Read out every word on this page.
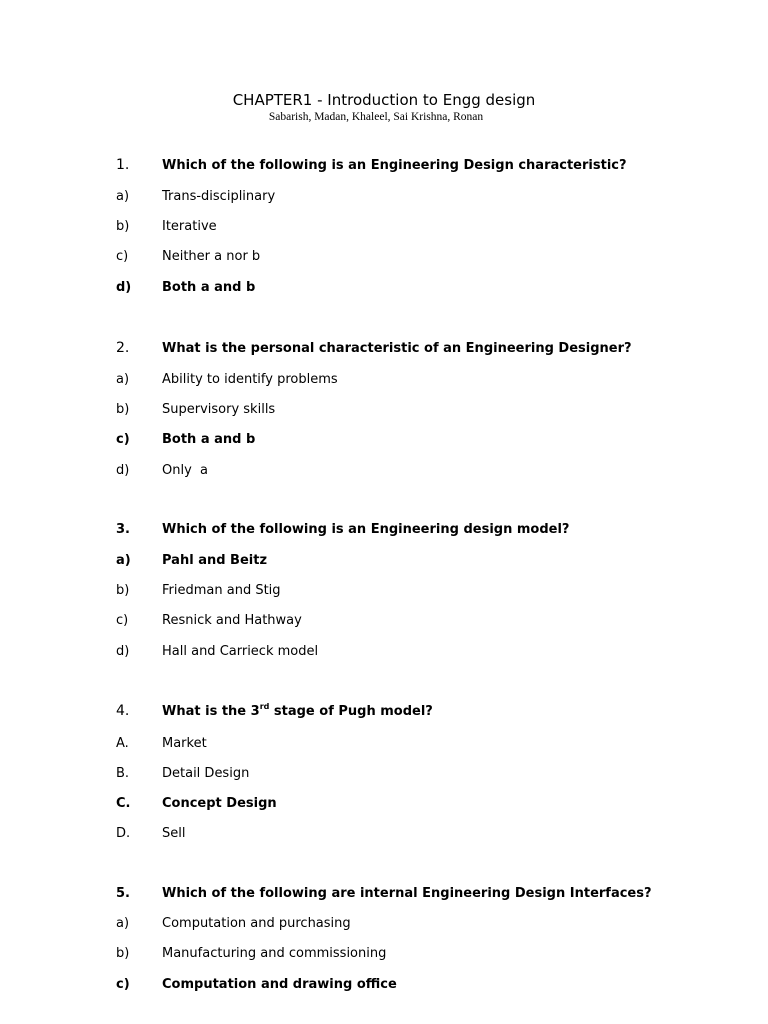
CHAPTER1 - Introduction to Engg design
Sabarish, Madan, Khaleel, Sai Krishna, Ronan
1.	Which of the following is an Engineering Design characteristic?
a)	Trans-disciplinary
b)	Iterative
c)	Neither a nor b
d) Both a and b
2.	What is the personal characteristic of an Engineering Designer?
a)	Ability to identify problems
b)	Supervisory skills
c) Both a and b
d)	Only  a
3. Which of the following is an Engineering design model?
a) Pahl and Beitz
b)	Friedman and Stig
c)	Resnick and Hathway
d)	Hall and Carrieck model
4.	What is the 3rd stage of Pugh model?
A.	Market
B.	Detail Design
C. Concept Design
D. Sell
5. Which of the following are internal Engineering Design Interfaces?
a)	Computation and purchasing
b)	Manufacturing and commissioning
c) Computation and drawing office
